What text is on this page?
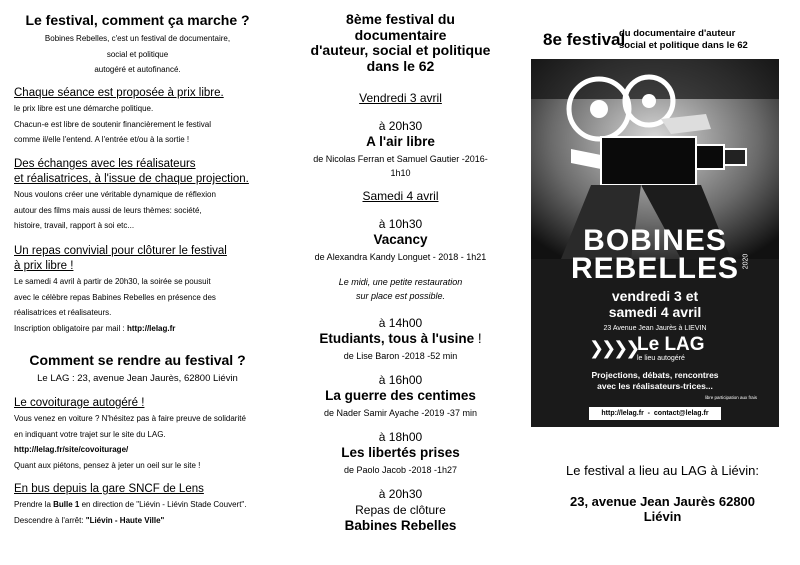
Le festival, comment ça marche ?
Bobines Rebelles, c'est un festival de documentaire,
social et politique
autogéré et autofinancé.
Chaque séance est proposée à prix libre.
le prix libre est une démarche politique.
Chacun-e est libre de soutenir financièrement le festival
comme il/elle l'entend. A l'entrée et/ou à la sortie !
Des échanges avec les réalisateurs
et réalisatrices, à l'issue de chaque projection.
Nous voulons créer une véritable dynamique de réflexion
autour des films mais aussi de leurs thèmes: société,
histoire, travail, rapport à soi etc...
Un repas convivial pour clôturer le festival
à prix libre !
Le samedi 4 avril à partir de 20h30, la soirée se pousuit
avec le célèbre repas Babines Rebelles en présence des
réalisatrices et réalisateurs.
Inscription obligatoire par mail : http://lelag.fr
Comment se rendre au festival ?
Le LAG : 23, avenue Jean Jaurès, 62800 Liévin
Le covoiturage autogéré !
Vous venez en voiture ? N'hésitez pas à faire preuve de solidarité
en indiquant votre trajet sur le site du LAG.
http://lelag.fr/site/covoiturage/
Quant aux piétons, pensez à jeter un oeil sur le site !
En bus depuis la gare SNCF de Lens
Prendre la Bulle 1 en direction de "Liévin - Liévin Stade Couvert".
Descendre à l'arrêt: "Liévin - Haute Ville"
8ème festival du
documentaire
d'auteur, social et politique
dans le 62
Vendredi 3 avril
à 20h30
A l'air libre
de Nicolas Ferran et Samuel Gautier -2016-
1h10
Samedi 4 avril
à 10h30
Vacancy
de Alexandra Kandy Longuet - 2018 - 1h21
Le midi, une petite restauration
sur place est possible.
à 14h00
Etudiants, tous à l'usine !
de Lise Baron -2018 -52 min
à 16h00
La guerre des centimes
de Nader Samir Ayache -2019 -37 min
à 18h00
Les libertés prises
de Paolo Jacob -2018 -1h27
à 20h30
Repas de clôture
Babines Rebelles
8e festival
du documentaire d'auteur
social et politique dans le 62
BOBINES
REBELLES 2020
vendredi 3 et
samedi 4 avril
23 Avenue Jean Jaurès à LIEVIN
❯❯❯❯ Le LAG
le lieu autogéré
Projections, débats, rencontres
avec les réalisateurs-trices...
libre participation aux frais
http://lelag.fr  -  contact@lelag.fr
Le festival a lieu au LAG à Liévin:
23, avenue Jean Jaurès 62800
Liévin
